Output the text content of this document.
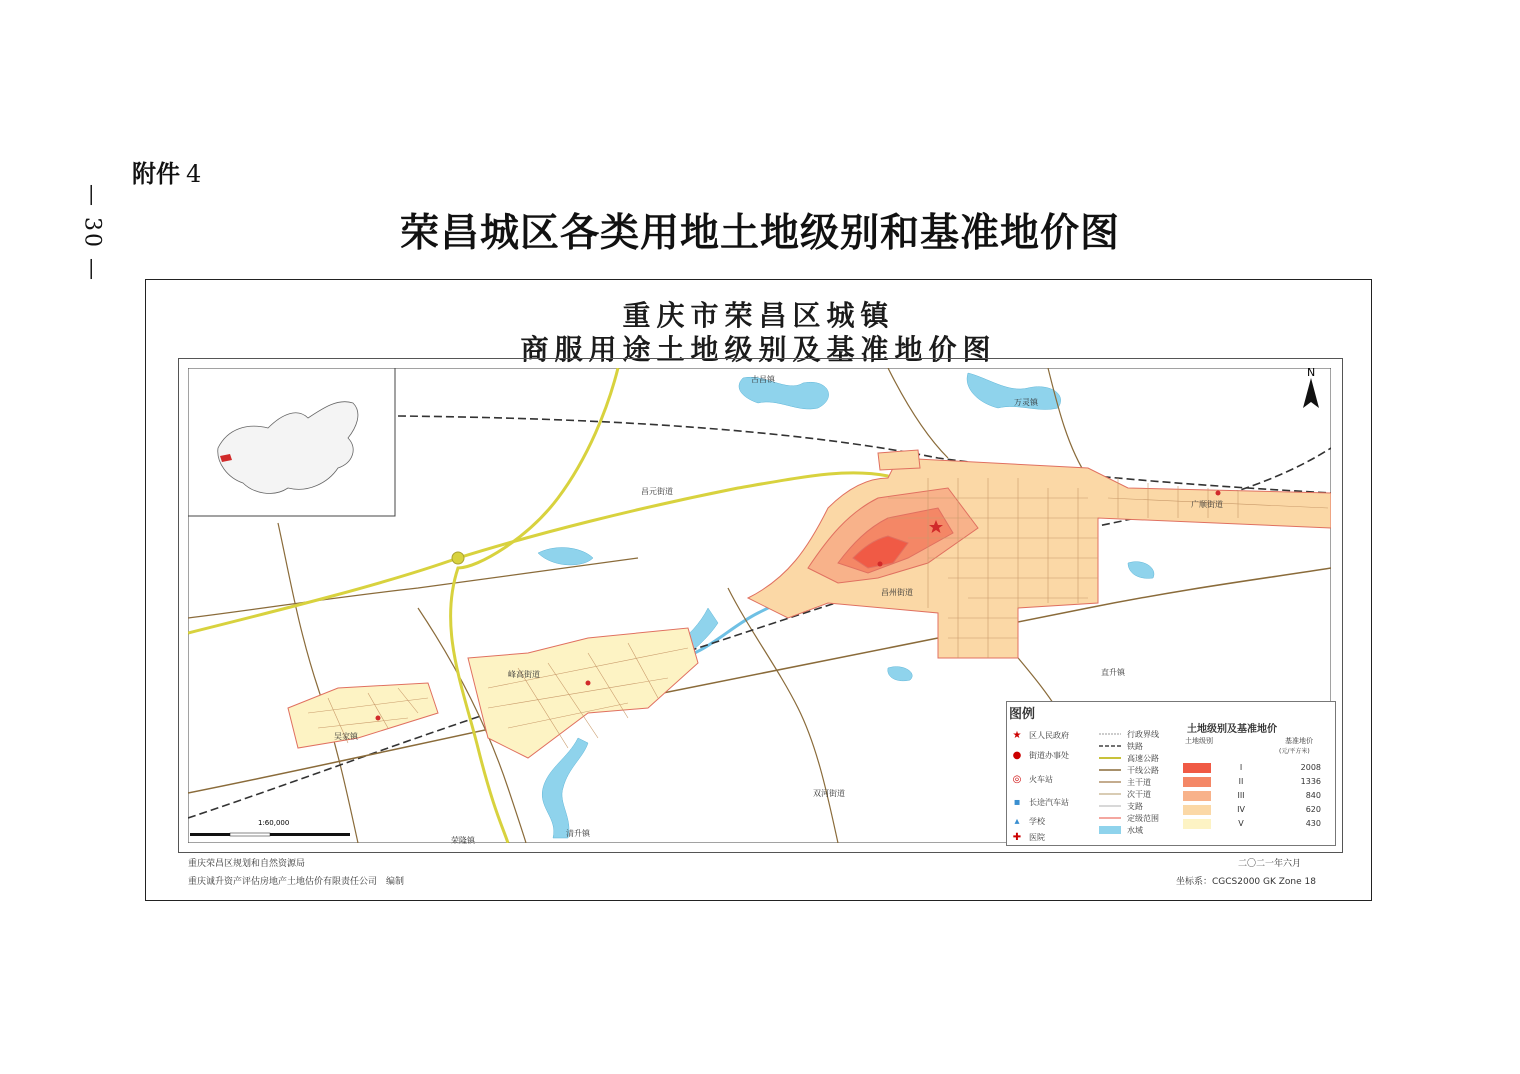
— 30 —
附件 4
荣昌城区各类用地土地级别和基准地价图
重庆市荣昌区城镇
商服用途土地级别及基准地价图
N
1:60,000
古昌镇
万灵镇
昌元街道
昌州街道
峰高街道
广顺街道
双河街道
清升镇
吴家镇
直升镇
荣隆镇
图例
★ 区人民政府
● 街道办事处
◎ 火车站
▪	长途汽车站
▴	学校
✚ 医院
行政界线
铁路
高速公路
干线公路
主干道
次干道
支路
定级范围
水域
土地级别及基准地价
土地级别	基准地价
(元/平方米)
I	2008
II	1336
III	840
IV	620
V	430
重庆荣昌区规划和自然资源局
重庆诚升资产评估房地产土地估价有限责任公司　编制
二〇二一年六月
坐标系：CGCS2000 GK Zone 18
